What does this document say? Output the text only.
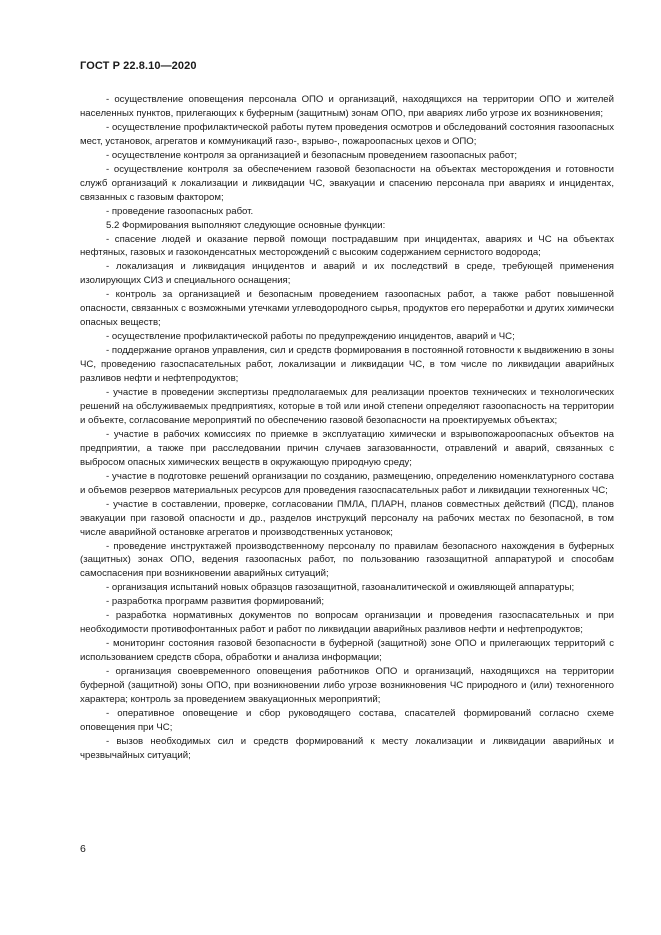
ГОСТ Р 22.8.10—2020

- осуществление оповещения персонала ОПО и организаций, находящихся на территории ОПО и жителей населенных пунктов, прилегающих к буферным (защитным) зонам ОПО, при авариях либо угрозе их возникновения;

- осуществление профилактической работы путем проведения осмотров и обследований состояния газоопасных мест, установок, агрегатов и коммуникаций газо-, взрыво-, пожароопасных цехов и ОПО;

- осуществление контроля за организацией и безопасным проведением газоопасных работ;

- осуществление контроля за обеспечением газовой безопасности на объектах месторождения и готовности служб организаций к локализации и ликвидации ЧС, эвакуации и спасению персонала при авариях и инцидентах, связанных с газовым фактором;

- проведение газоопасных работ.

5.2 Формирования выполняют следующие основные функции:

- спасение людей и оказание первой помощи пострадавшим при инцидентах, авариях и ЧС на объектах нефтяных, газовых и газоконденсатных месторождений с высоким содержанием сернистого водорода;

- локализация и ликвидация инцидентов и аварий и их последствий в среде, требующей применения изолирующих СИЗ и специального оснащения;

- контроль за организацией и безопасным проведением газоопасных работ, а также работ повышенной опасности, связанных с возможными утечками углеводородного сырья, продуктов его переработки и других химически опасных веществ;

- осуществление профилактической работы по предупреждению инцидентов, аварий и ЧС;

- поддержание органов управления, сил и средств формирования в постоянной готовности к выдвижению в зоны ЧС, проведению газоспасательных работ, локализации и ликвидации ЧС, в том числе по ликвидации аварийных разливов нефти и нефтепродуктов;

- участие в проведении экспертизы предполагаемых для реализации проектов технических и технологических решений на обслуживаемых предприятиях, которые в той или иной степени определяют газоопасность на территории и объекте, согласование мероприятий по обеспечению газовой безопасности на проектируемых объектах;

- участие в рабочих комиссиях по приемке в эксплуатацию химически и взрывопожароопасных объектов на предприятии, а также при расследовании причин случаев загазованности, отравлений и аварий, связанных с выбросом опасных химических веществ в окружающую природную среду;

- участие в подготовке решений организации по созданию, размещению, определению номенклатурного состава и объемов резервов материальных ресурсов для проведения газоспасательных работ и ликвидации техногенных ЧС;

- участие в составлении, проверке, согласовании ПМЛА, ПЛАРН, планов совместных действий (ПСД), планов эвакуации при газовой опасности и др., разделов инструкций персоналу на рабочих местах по безопасной, в том числе аварийной остановке агрегатов и производственных установок;

- проведение инструктажей производственному персоналу по правилам безопасного нахождения в буферных (защитных) зонах ОПО, ведения газоопасных работ, по пользованию газозащитной аппаратурой и способам самоспасения при возникновении аварийных ситуаций;

- организация испытаний новых образцов газозащитной, газоаналитической и оживляющей аппаратуры;

- разработка программ развития формирований;

- разработка нормативных документов по вопросам организации и проведения газоспасательных и при необходимости противофонтанных работ и работ по ликвидации аварийных разливов нефти и нефтепродуктов;

- мониторинг состояния газовой безопасности в буферной (защитной) зоне ОПО и прилегающих территорий с использованием средств сбора, обработки и анализа информации;

- организация своевременного оповещения работников ОПО и организаций, находящихся на территории буферной (защитной) зоны ОПО, при возникновении либо угрозе возникновения ЧС природного и (или) техногенного характера; контроль за проведением эвакуационных мероприятий;

- оперативное оповещение и сбор руководящего состава, спасателей формирований согласно схеме оповещения при ЧС;

- вызов необходимых сил и средств формирований к месту локализации и ликвидации аварийных и чрезвычайных ситуаций;

6
